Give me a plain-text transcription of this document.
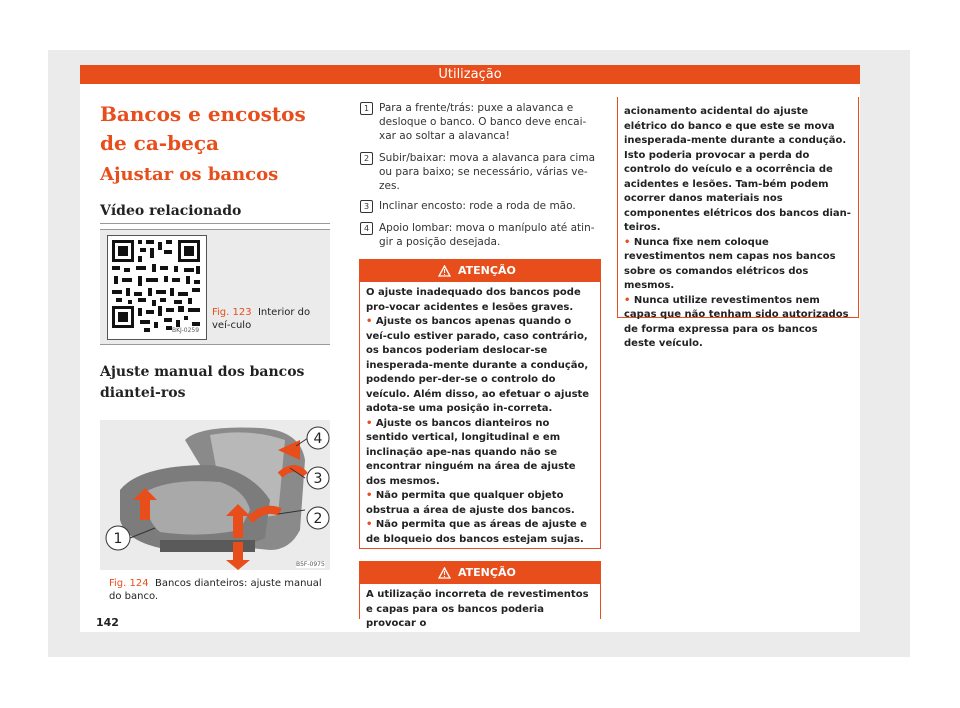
Utilização
Bancos e encostos de ca-beça
Ajustar os bancos
Vídeo relacionado
BKJ-0259
Fig. 123 Interior do veí-culo
Ajuste manual dos bancos diantei-ros
1
2
3
4
B5F-0975
Fig. 124 Bancos dianteiros: ajuste manual do banco.
142
1 Para a frente/trás: puxe a alavanca e desloque o banco. O banco deve encai-xar ao soltar a alavanca!
2 Subir/baixar: mova a alavanca para cima ou para baixo; se necessário, várias ve-zes.
3 Inclinar encosto: rode a roda de mão.
4 Apoio lombar: mova o manípulo até atin-gir a posição desejada.
ATENÇÃO

O ajuste inadequado dos bancos pode pro-vocar acidentes e lesões graves.

• Ajuste os bancos apenas quando o veí-culo estiver parado, caso contrário, os bancos poderiam deslocar-se inesperada-mente durante a condução, podendo per-der-se o controlo do veículo. Além disso, ao efetuar o ajuste adota-se uma posição in-correta.

• Ajuste os bancos dianteiros no sentido vertical, longitudinal e em inclinação ape-nas quando não se encontrar ninguém na área de ajuste dos mesmos.

• Não permita que qualquer objeto obstrua a área de ajuste dos bancos.

• Não permita que as áreas de ajuste e de bloqueio dos bancos estejam sujas.

ATENÇÃO

A utilização incorreta de revestimentos e capas para os bancos poderia provocar o

acionamento acidental do ajuste elétrico do banco e que este se mova inesperada-mente durante a condução. Isto poderia provocar a perda do controlo do veículo e a ocorrência de acidentes e lesões. Tam-bém podem ocorrer danos materiais nos componentes elétricos dos bancos dian-teiros.

• Nunca fixe nem coloque revestimentos nem capas nos bancos sobre os comandos elétricos dos mesmos.

• Nunca utilize revestimentos nem capas que não tenham sido autorizados de forma expressa para os bancos deste veículo.
